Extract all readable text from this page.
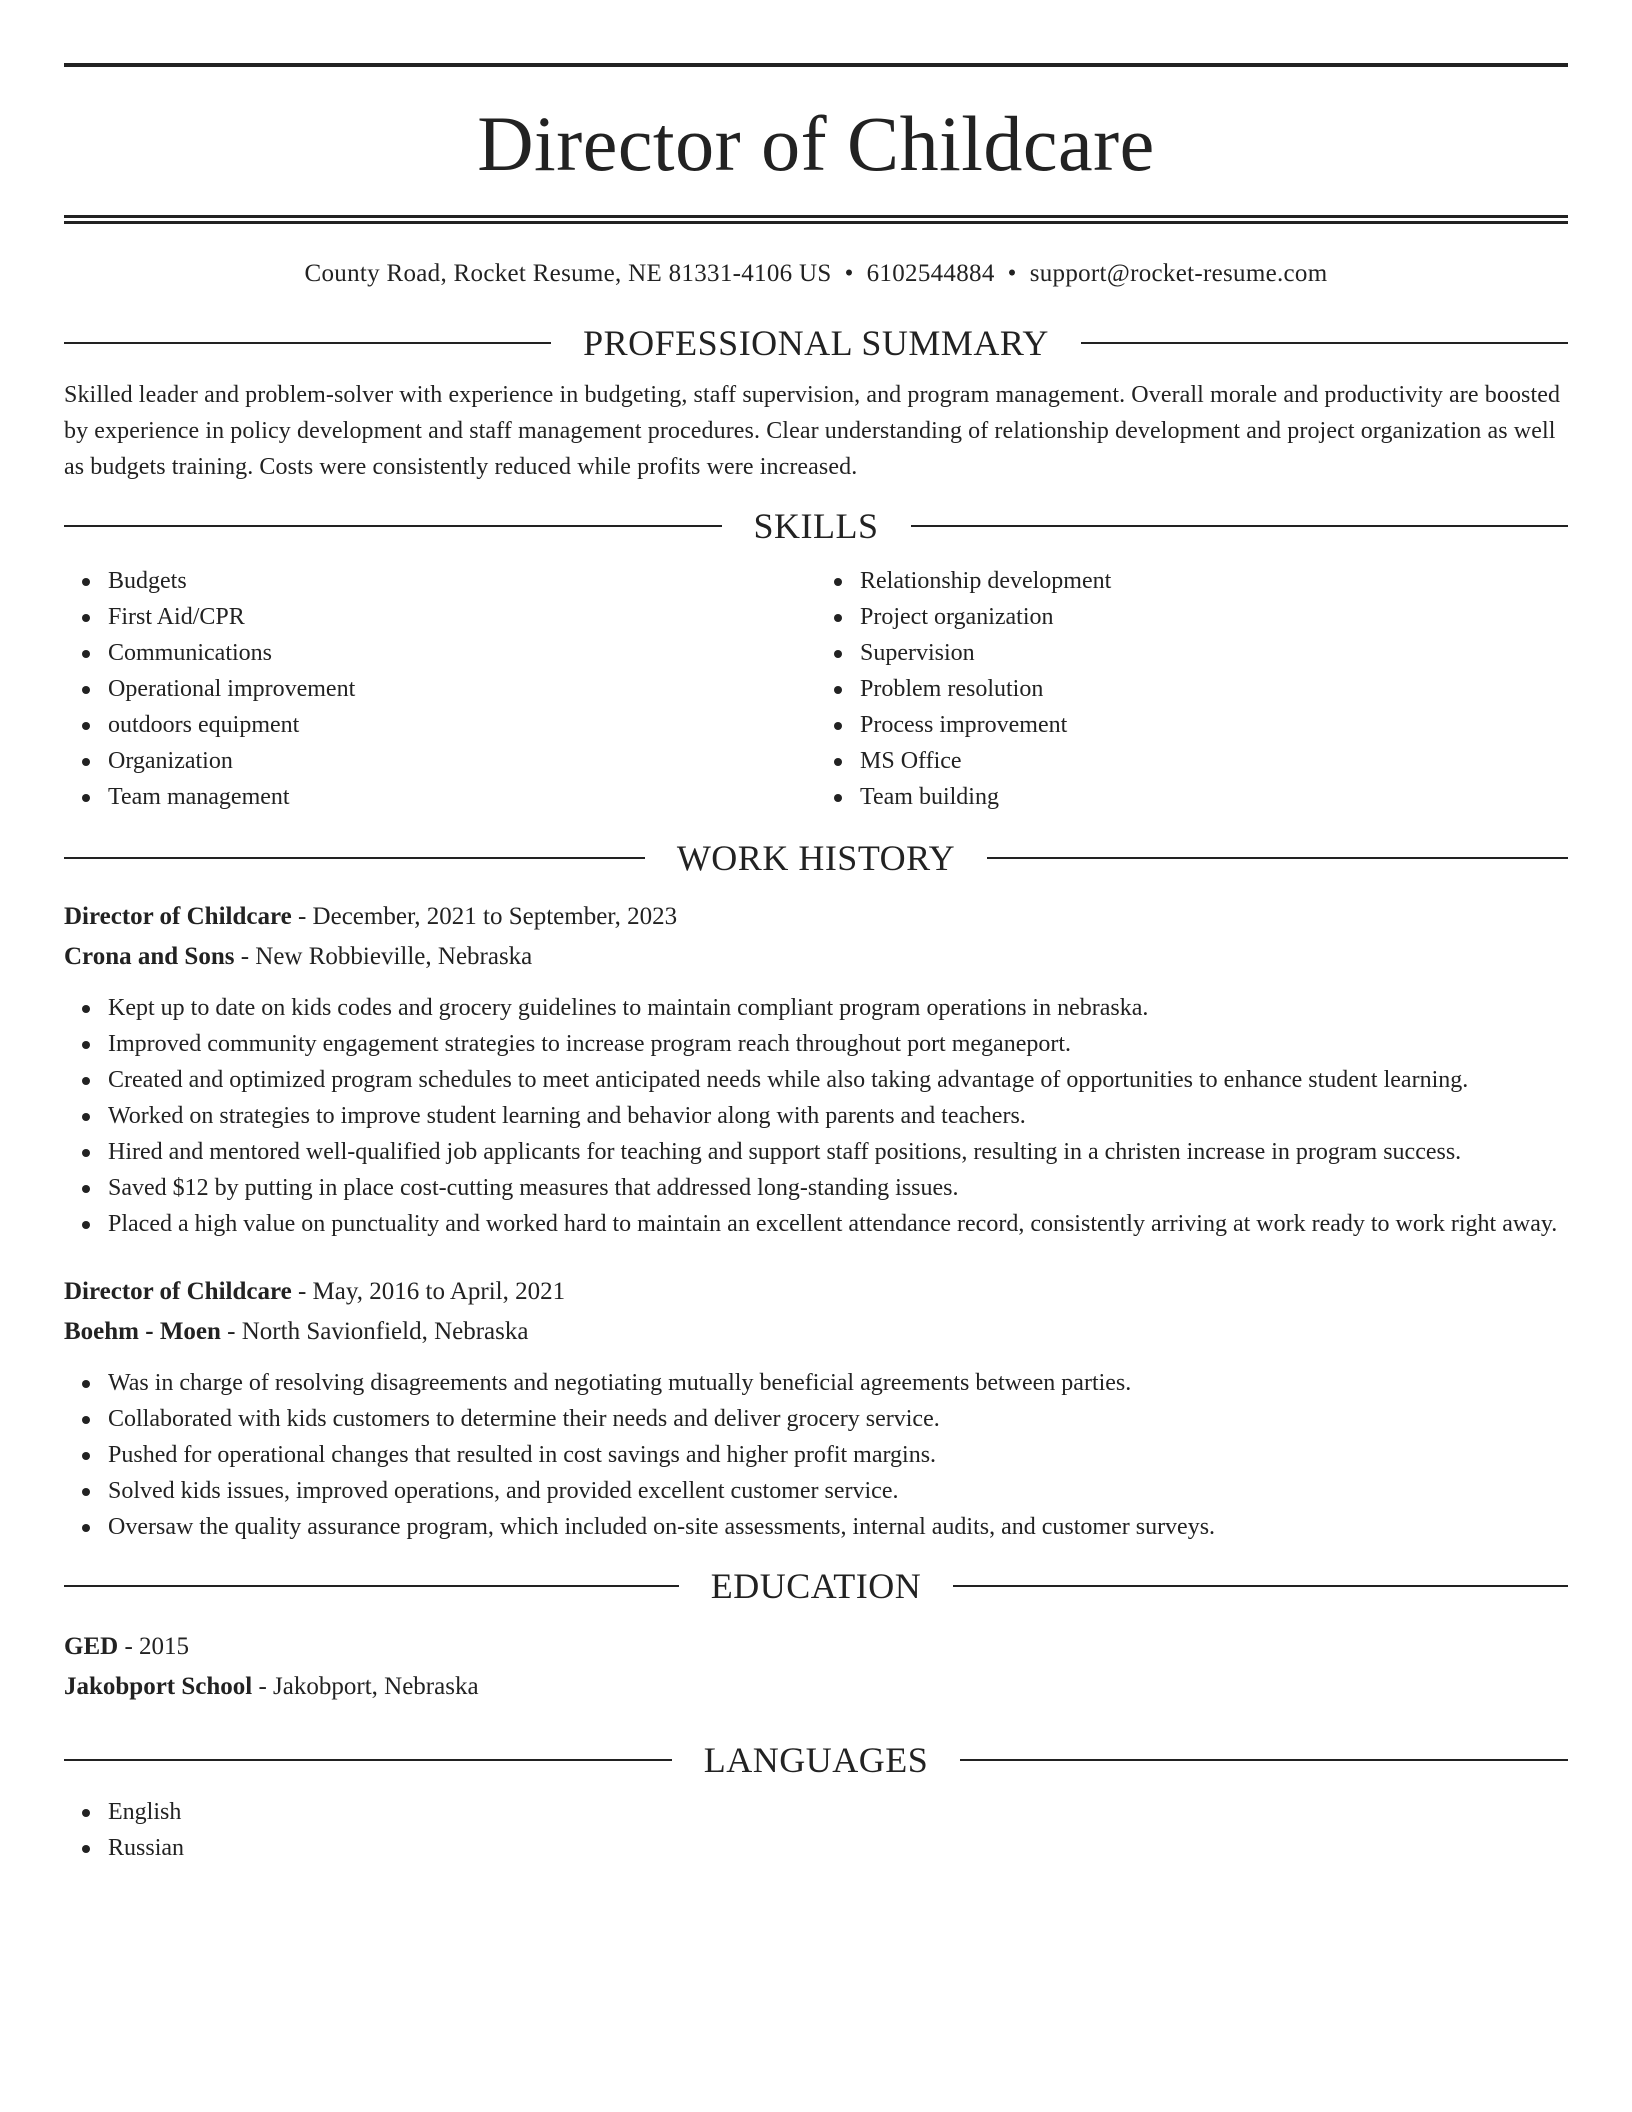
Director of Childcare
County Road, Rocket Resume, NE 81331-4106 US • 6102544884 • support@rocket-resume.com
PROFESSIONAL SUMMARY

Skilled leader and problem-solver with experience in budgeting, staff supervision, and program management. Overall morale and productivity are boosted by experience in policy development and staff management procedures. Clear understanding of relationship development and project organization as well as budgets training. Costs were consistently reduced while profits were increased.

SKILLS
Budgets
First Aid/CPR
Communications
Operational improvement
outdoors equipment
Organization
Team management
Relationship development
Project organization
Supervision
Problem resolution
Process improvement
MS Office
Team building
WORK HISTORY
Director of Childcare - December, 2021 to September, 2023
Crona and Sons - New Robbieville, Nebraska
Kept up to date on kids codes and grocery guidelines to maintain compliant program operations in nebraska.
Improved community engagement strategies to increase program reach throughout port meganeport.
Created and optimized program schedules to meet anticipated needs while also taking advantage of opportunities to enhance student learning.
Worked on strategies to improve student learning and behavior along with parents and teachers.
Hired and mentored well-qualified job applicants for teaching and support staff positions, resulting in a christen increase in program success.
Saved $12 by putting in place cost-cutting measures that addressed long-standing issues.
Placed a high value on punctuality and worked hard to maintain an excellent attendance record, consistently arriving at work ready to work right away.
Director of Childcare - May, 2016 to April, 2021
Boehm - Moen - North Savionfield, Nebraska
Was in charge of resolving disagreements and negotiating mutually beneficial agreements between parties.
Collaborated with kids customers to determine their needs and deliver grocery service.
Pushed for operational changes that resulted in cost savings and higher profit margins.
Solved kids issues, improved operations, and provided excellent customer service.
Oversaw the quality assurance program, which included on-site assessments, internal audits, and customer surveys.
EDUCATION
GED - 2015
Jakobport School - Jakobport, Nebraska
LANGUAGES
English
Russian
